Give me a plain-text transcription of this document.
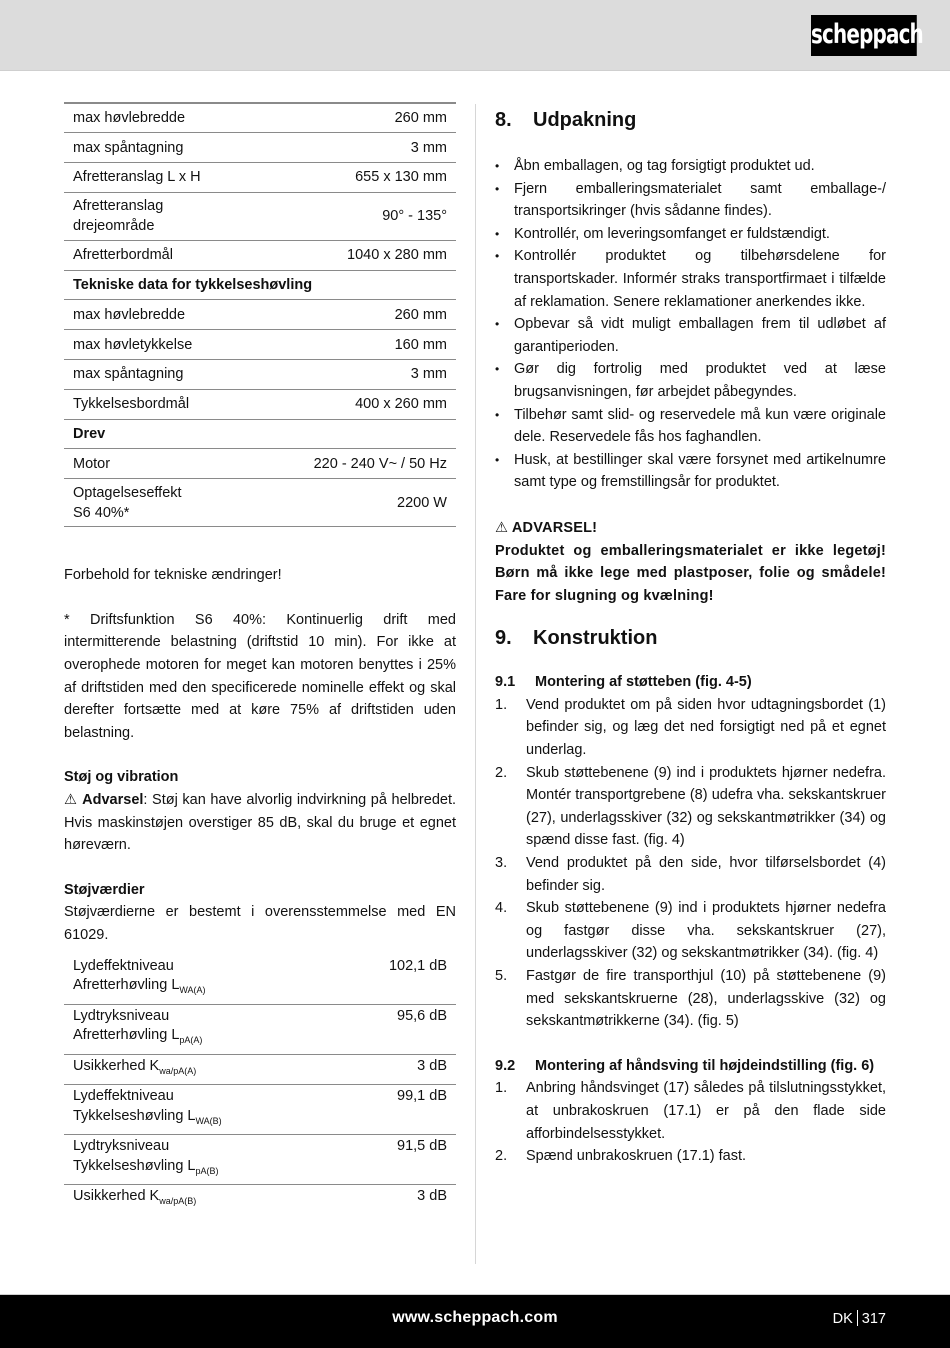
scheppach
max høvlebredde	260 mm
max spåntagning	3 mm
Afretteranslag L x H	655 x 130 mm
Afretteranslag
drejeområde	90° - 135°
Afretterbordmål	1040 x 280 mm
Tekniske data for tykkelseshøvling	
max høvlebredde	260 mm
max høvletykkelse	160 mm
max spåntagning	3 mm
Tykkelsesbordmål	400 x 260 mm
Drev	
Motor	220 - 240 V~ / 50 Hz
Optagelseseffekt
S6 40%*	2200 W

Forbehold for tekniske ændringer!

* Driftsfunktion S6 40%: Kontinuerlig drift med intermitterende belastning (driftstid 10 min). For ikke at overophede motoren for meget kan motoren benyttes i 25% af driftstiden med den specificerede nominelle effekt og skal derefter fortsætte med at køre 75% af driftstiden uden belastning.

Støj og vibration

⚠ Advarsel: Støj kan have alvorlig indvirkning på helbredet. Hvis maskinstøjen overstiger 85 dB, skal du bruge et egnet høreværn.

Støjværdier

Støjværdierne er bestemt i overensstemmelse med EN 61029.

Lydeffektniveau
Afretterhøvling $L_{WA(A)}$	102,1 dB
Lydtryksniveau
Afretterhøvling $L_{pA(A)}$	95,6 dB
Usikkerhed $K_{wa/pA(A)}$	3 dB
Lydeffektniveau
Tykkelseshøvling $L_{WA(B)}$	99,1 dB
Lydtryksniveau
Tykkelseshøvling $L_{pA(B)}$	91,5 dB
Usikkerhed $K_{wa/pA(B)}$	3 dB
8.	Udpakning
• Åbn emballagen, og tag forsigtigt produktet ud.
• Fjern emballeringsmaterialet samt emballage-/ transportsikringer (hvis sådanne findes).
• Kontrollér, om leveringsomfanget er fuldstændigt.
• Kontrollér produktet og tilbehørsdelene for transportskader. Informér straks transportfirmaet i tilfælde af reklamation. Senere reklamationer anerkendes ikke.
• Opbevar så vidt muligt emballagen frem til udløbet af garantiperioden.
• Gør dig fortrolig med produktet ved at læse brugsanvisningen, før arbejdet påbegyndes.
• Tilbehør samt slid- og reservedele må kun være originale dele. Reservedele fås hos faghandlen.
• Husk, at bestillinger skal være forsynet med artikelnumre samt type og fremstillingsår for produktet.

⚠ ADVARSEL!

Produktet og emballeringsmaterialet er ikke legetøj! Børn må ikke lege med plastposer, folie og smådele! Fare for slugning og kvælning!

9.	Konstruktion
9.1	Montering af støtteben (fig. 4-5)
1.	Vend produktet om på siden hvor udtagningsbordet (1) befinder sig, og læg det ned forsigtigt ned på et egnet underlag.
2.	Skub støttebenene (9) ind i produktets hjørner nedefra. Montér transportgrebene (8) udefra vha. sekskantskruer (27), underlagsskiver (32) og sekskantmøtrikker (34) og spænd disse fast. (fig. 4)
3.	Vend produktet på den side, hvor tilførselsbordet (4) befinder sig.
4.	Skub støttebenene (9) ind i produktets hjørner nedefra og fastgør disse vha. sekskantskruer (27), underlagsskiver (32) og sekskantmøtrikker (34). (fig. 4)
5.	Fastgør de fire transporthjul (10) på støttebenene (9) med sekskantskruerne (28), underlagsskive (32) og sekskantmøtrikkerne (34). (fig. 5)
9.2	Montering af håndsving til højdeindstilling (fig. 6)
1.	Anbring håndsvinget (17) således på tilslutningsstykket, at unbrakoskruen (17.1) er på den flade side afforbindelsesstykket.
2.	Spænd unbrakoskruen (17.1) fast.
www.scheppach.com	DK 317
